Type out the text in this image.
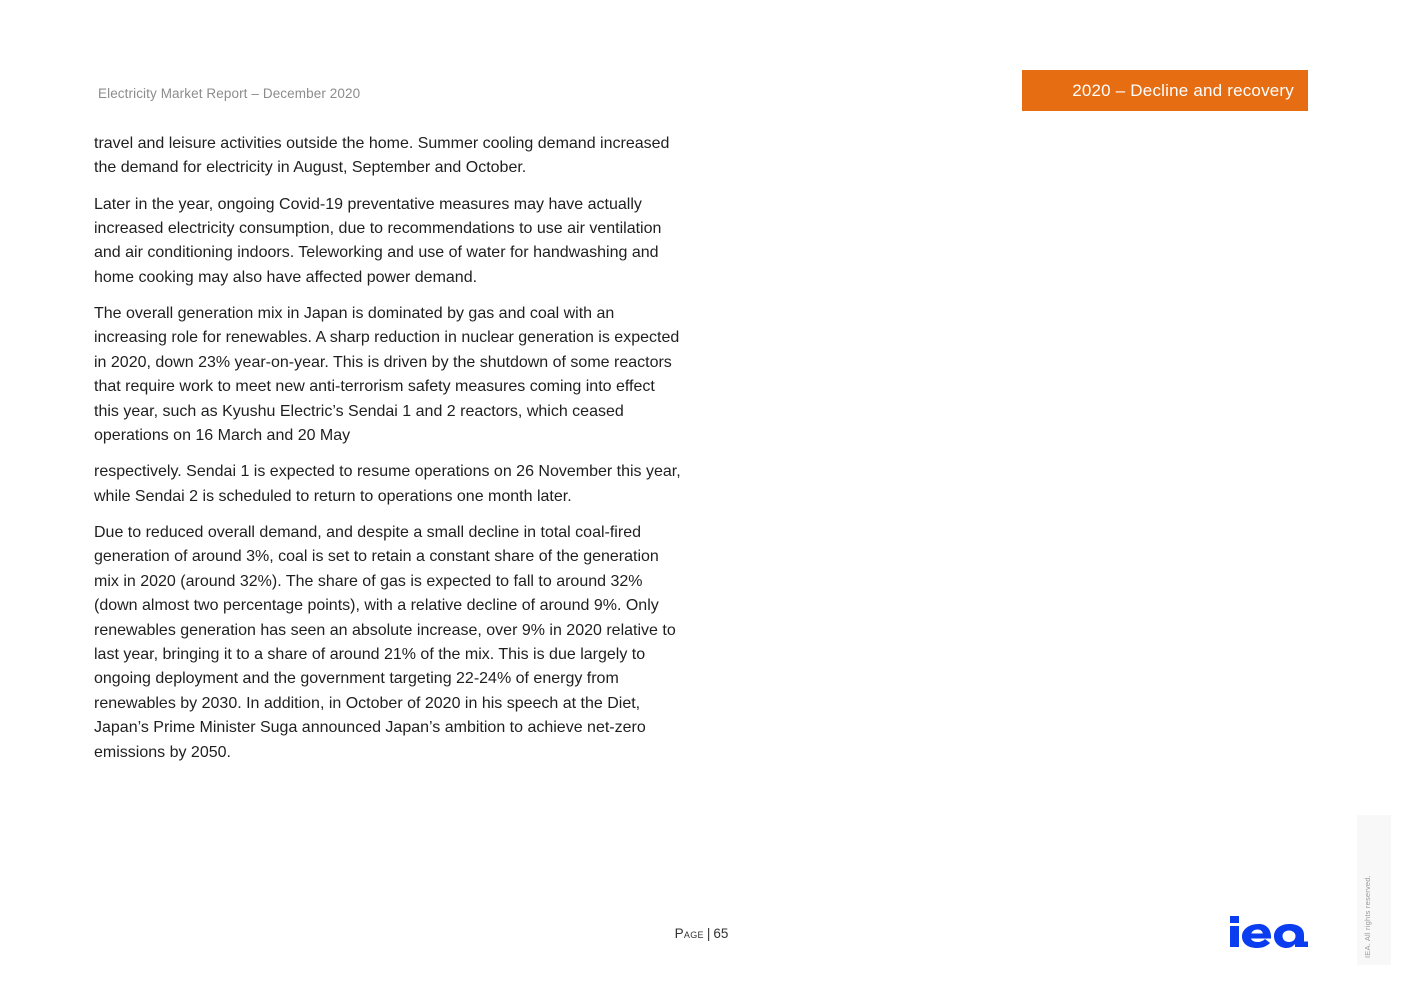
Electricity Market Report – December 2020	2020 – Decline and recovery

travel and leisure activities outside the home. Summer cooling demand increased the demand for electricity in August, September and October.

Later in the year, ongoing Covid-19 preventative measures may have actually increased electricity consumption, due to recommendations to use air ventilation and air conditioning indoors. Teleworking and use of water for handwashing and home cooking may also have affected power demand.

The overall generation mix in Japan is dominated by gas and coal with an increasing role for renewables. A sharp reduction in nuclear generation is expected in 2020, down 23% year-on-year. This is driven by the shutdown of some reactors that require work to meet new anti-terrorism safety measures coming into effect this year, such as Kyushu Electric’s Sendai 1 and 2 reactors, which ceased operations on 16 March and 20 May

respectively. Sendai 1 is expected to resume operations on 26 November this year, while Sendai 2 is scheduled to return to operations one month later.

Due to reduced overall demand, and despite a small decline in total coal-fired generation of around 3%, coal is set to retain a constant share of the generation mix in 2020 (around 32%). The share of gas is expected to fall to around 32% (down almost two percentage points), with a relative decline of around 9%. Only renewables generation has seen an absolute increase, over 9% in 2020 relative to last year, bringing it to a share of around 21% of the mix. This is due largely to ongoing deployment and the government targeting 22-24% of energy from renewables by 2030. In addition, in October of 2020 in his speech at the Diet, Japan’s Prime Minister Suga announced Japan’s ambition to achieve net-zero emissions by 2050.

Page | 65	IEA. All rights reserved.
